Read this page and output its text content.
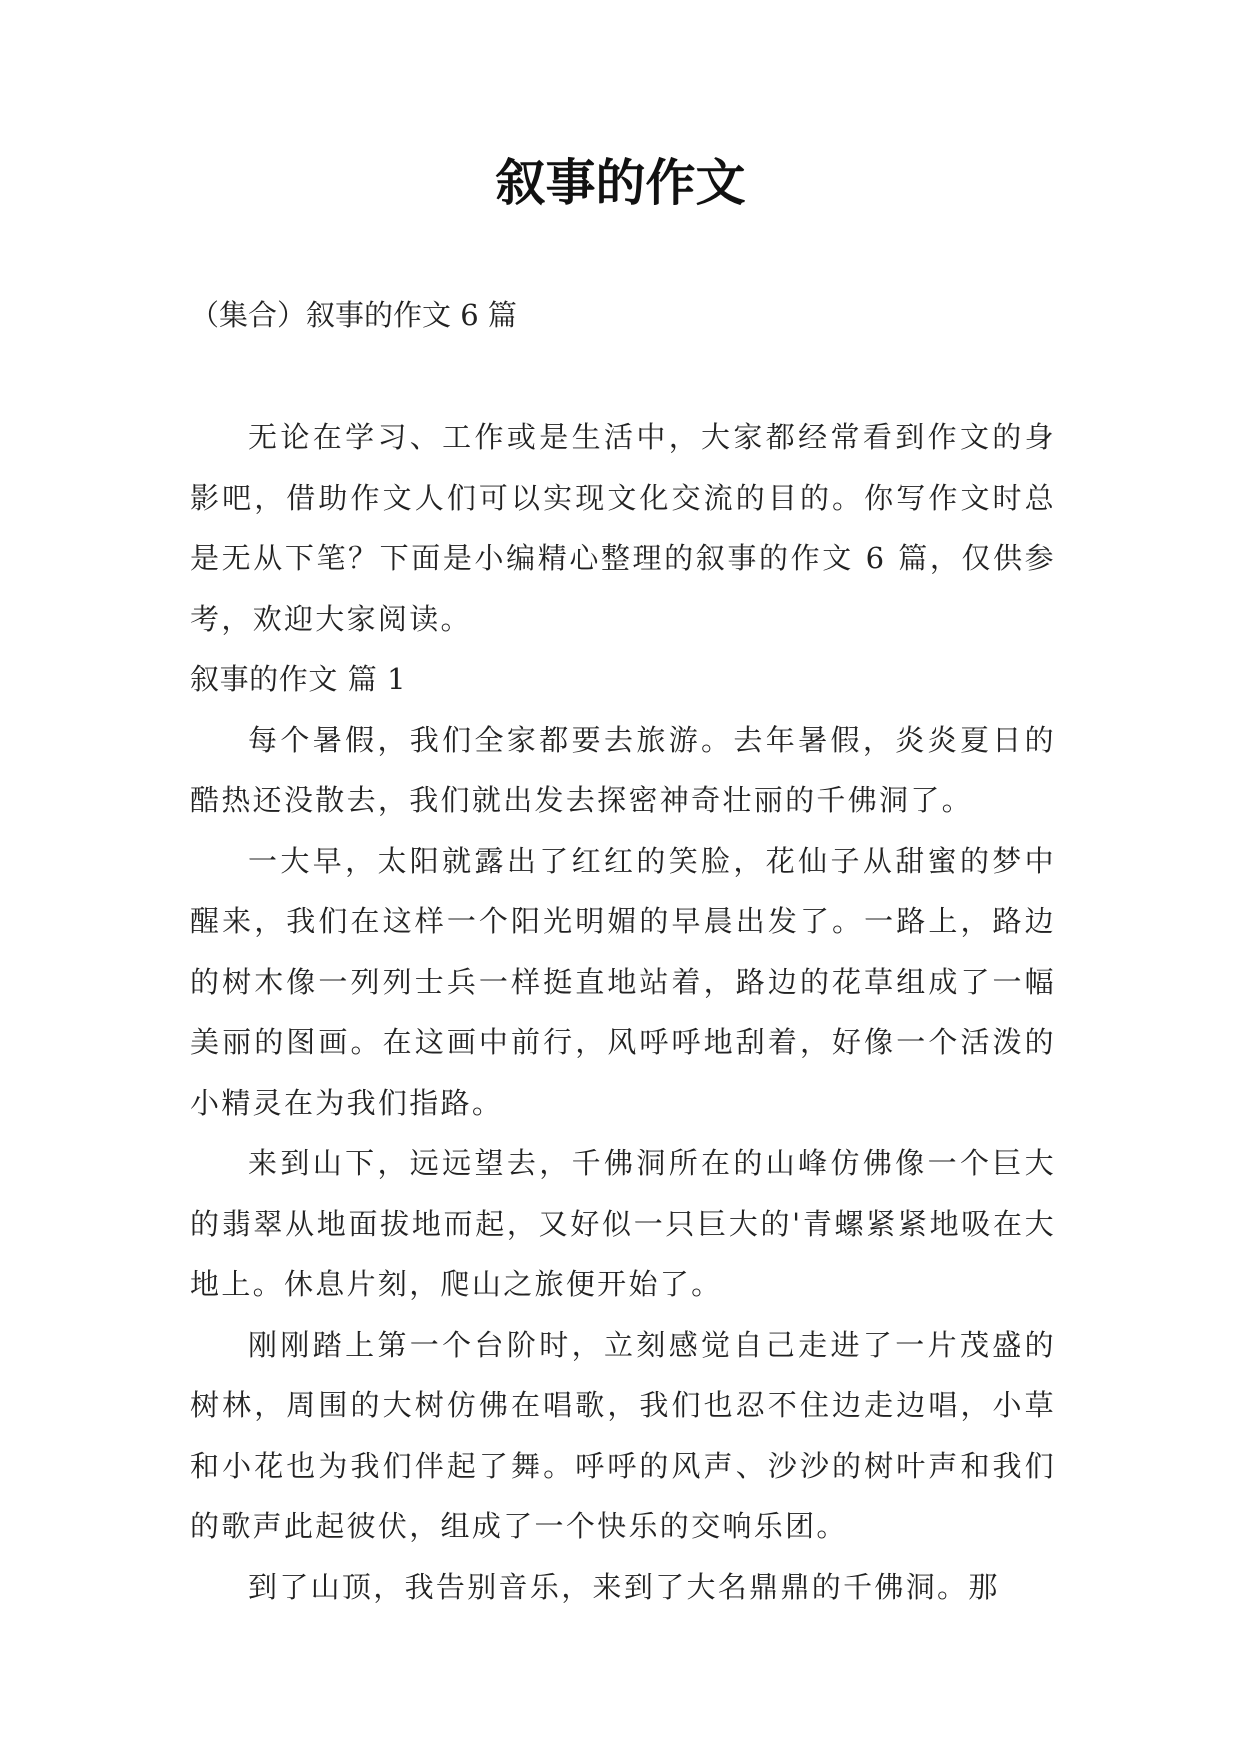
叙事的作文

（集合）叙事的作文 6 篇

无论在学习、工作或是生活中，大家都经常看到作文的身影吧，借助作文人们可以实现文化交流的目的。你写作文时总是无从下笔？下面是小编精心整理的叙事的作文 6 篇，仅供参考，欢迎大家阅读。

叙事的作文 篇 1

每个暑假，我们全家都要去旅游。去年暑假，炎炎夏日的酷热还没散去，我们就出发去探密神奇壮丽的千佛洞了。

一大早，太阳就露出了红红的笑脸，花仙子从甜蜜的梦中醒来，我们在这样一个阳光明媚的早晨出发了。一路上，路边的树木像一列列士兵一样挺直地站着，路边的花草组成了一幅美丽的图画。在这画中前行，风呼呼地刮着，好像一个活泼的小精灵在为我们指路。

来到山下，远远望去，千佛洞所在的山峰仿佛像一个巨大的翡翠从地面拔地而起，又好似一只巨大的'青螺紧紧地吸在大地上。休息片刻，爬山之旅便开始了。

刚刚踏上第一个台阶时，立刻感觉自己走进了一片茂盛的树林，周围的大树仿佛在唱歌，我们也忍不住边走边唱，小草和小花也为我们伴起了舞。呼呼的风声、沙沙的树叶声和我们的歌声此起彼伏，组成了一个快乐的交响乐团。

到了山顶，我告别音乐，来到了大名鼎鼎的千佛洞。那
